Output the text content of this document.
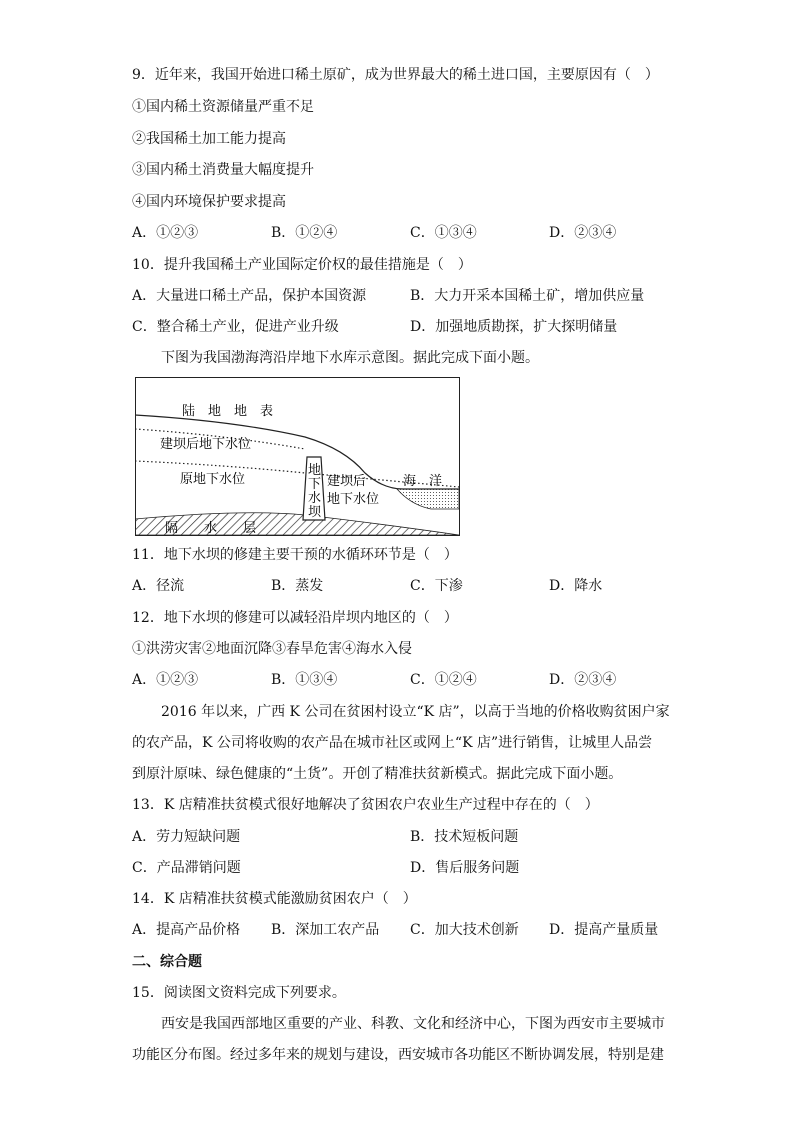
9．近年来，我国开始进口稀土原矿，成为世界最大的稀土进口国，主要原因有（　）
①国内稀土资源储量严重不足
②我国稀土加工能力提高
③国内稀土消费量大幅度提升
④国内环境保护要求提高
A．①②③	B．①②④	C．①③④	D．②③④
10．提升我国稀土产业国际定价权的最佳措施是（　）
A．大量进口稀土产品，保护本国资源	B．大力开采本国稀土矿，增加供应量
C．整合稀土产业，促进产业升级	D．加强地质勘探，扩大探明储量
下图为我国渤海湾沿岸地下水库示意图。据此完成下面小题。
陆　地　地　表
建坝后地下水位
原地下水位
地
下
水
坝
建坝后
地下水位
海　洋
隔　　水　　层
11．地下水坝的修建主要干预的水循环环节是（　）
A．径流	B．蒸发	C．下渗	D．降水
12．地下水坝的修建可以减轻沿岸坝内地区的（　）
①洪涝灾害②地面沉降③春旱危害④海水入侵
A．①②③	B．①③④	C．①②④	D．②③④
2016 年以来，广西 K 公司在贫困村设立“K 店”，以高于当地的价格收购贫困户家
的农产品，K 公司将收购的农产品在城市社区或网上“K 店”进行销售，让城里人品尝
到原汁原味、绿色健康的“土货”。开创了精准扶贫新模式。据此完成下面小题。
13．K 店精准扶贫模式很好地解决了贫困农户农业生产过程中存在的（　）
A．劳力短缺问题	B．技术短板问题
C．产品滞销问题	D．售后服务问题
14．K 店精准扶贫模式能激励贫困农户（　）
A．提高产品价格 B．深加工农产品 C．加大技术创新 D．提高产量质量
二、综合题
15．阅读图文资料完成下列要求。
西安是我国西部地区重要的产业、科教、文化和经济中心，下图为西安市主要城市
功能区分布图。经过多年来的规划与建设，西安城市各功能区不断协调发展，特别是建
